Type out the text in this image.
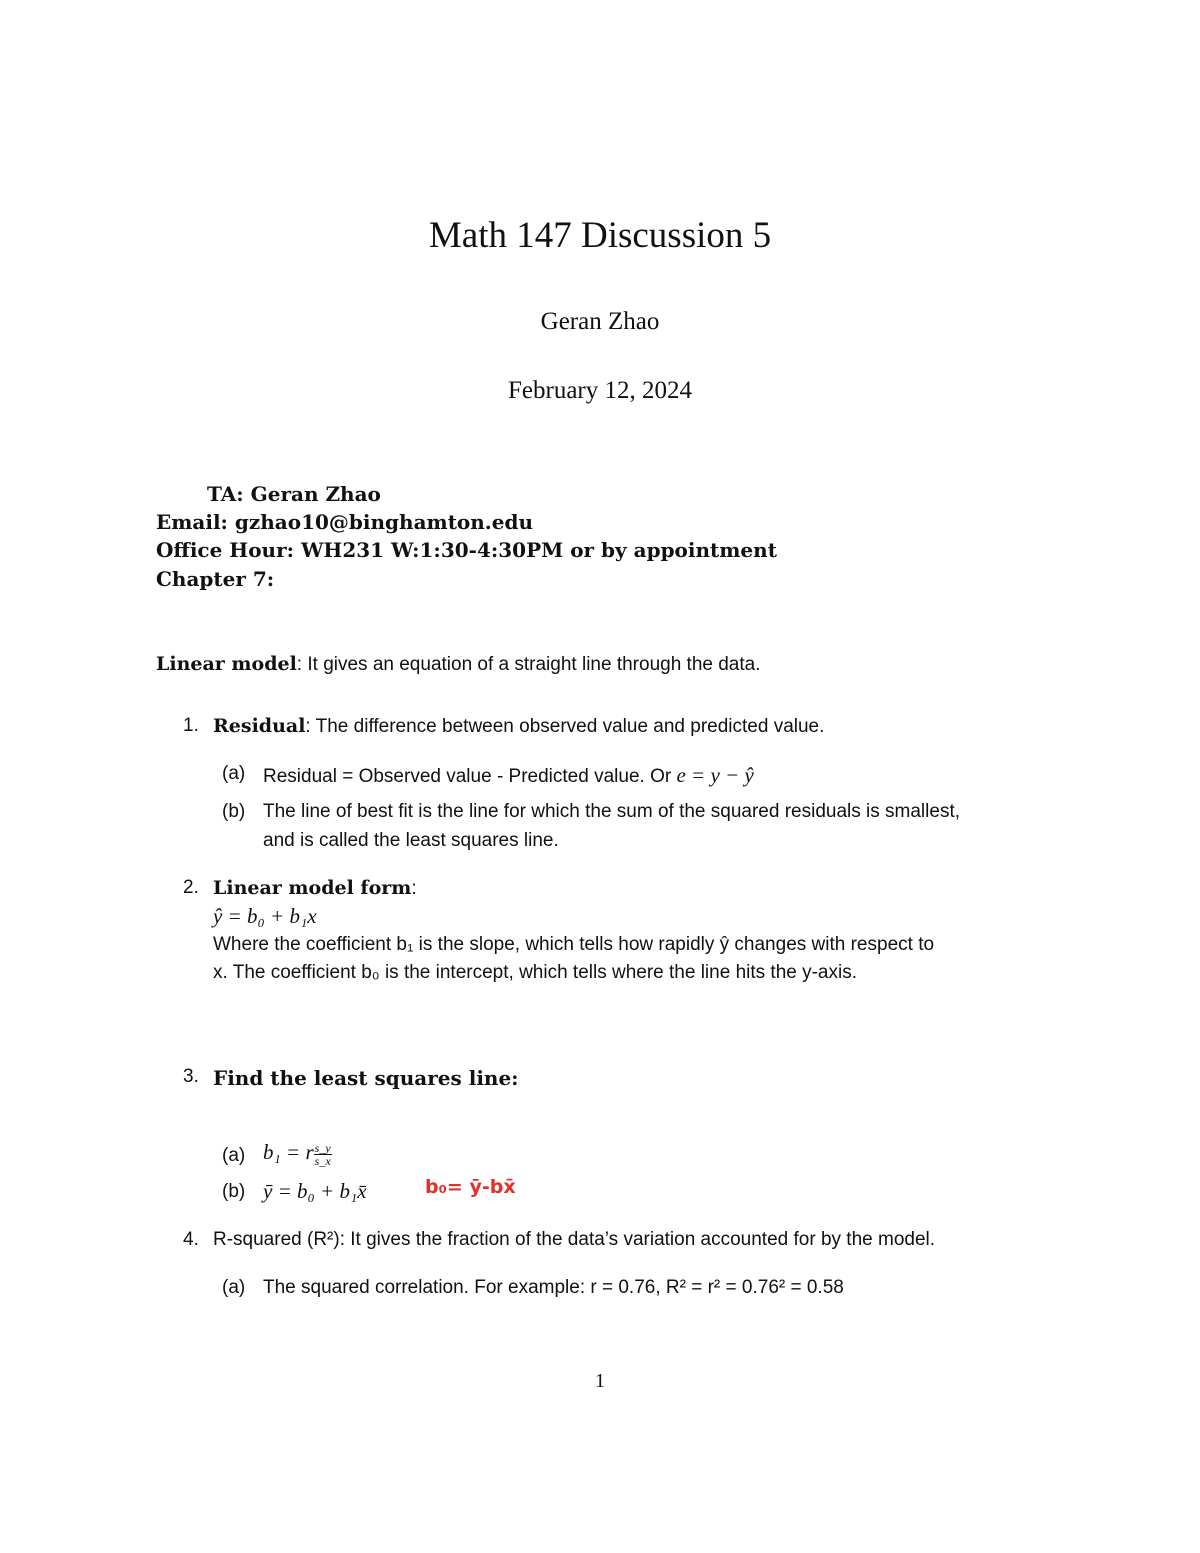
Math 147 Discussion 5
Geran Zhao
February 12, 2024
TA: Geran Zhao
Email: gzhao10@binghamton.edu
Office Hour: WH231 W:1:30-4:30PM or by appointment
Chapter 7:
Linear model: It gives an equation of a straight line through the data.
1. Residual: The difference between observed value and predicted value.
(a) Residual = Observed value - Predicted value. Or e = y − ŷ
(b) The line of best fit is the line for which the sum of the squared residuals is smallest,
and is called the least squares line.
2. Linear model form:
ŷ = b₀ + b₁x
Where the coefficient b₁ is the slope, which tells how rapidly ŷ changes with respect to
x. The coefficient b₀ is the intercept, which tells where the line hits the y-axis.
3. Find the least squares line:
(a) b₁ = r $\frac{s\_y}{s\_x}$
(b) ȳ = b₀ + b₁x̄	b₀= ȳ-bx̄
4. R-squared (R²): It gives the fraction of the data’s variation accounted for by the model.
(a) The squared correlation. For example: r = 0.76, R² = r² = 0.76² = 0.58
1
